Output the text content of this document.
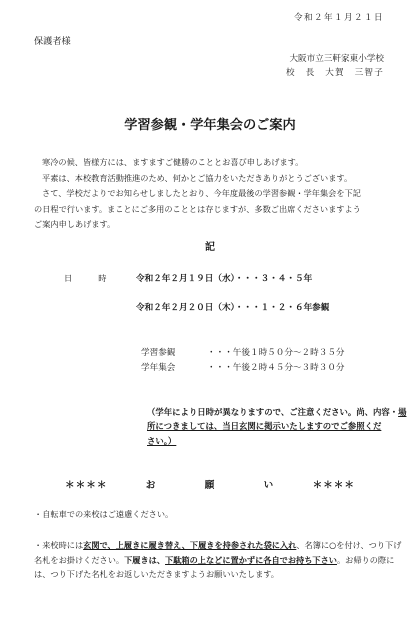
令和２年１月２１日
保護者様
大阪市立三軒家東小学校
校　長　大賀　三智子
学習参観・学年集会のご案内

寒冷の候、皆様方には、ますますご健勝のこととお喜び申しあげます。

平素は、本校教育活動推進のため、何かとご協力をいただきありがとうございます。

さて、学校だよりでお知らせしましたとおり、今年度最後の学習参観・学年集会を下記

の日程で行います。まことにご多用のこととは存じますが、多数ご出席くださいますよう

ご案内申しあげます。

記
日	時	令和２年２月１９日（水）・・・３・４・５年
令和２年２月２０日（木）・・・１・２・６年参観
学習参観	・・・午後１時５０分～２時３５分
学年集会	・・・午後２時４５分～３時３０分
（学年により日時が異なりますので、ご注意ください。尚、内容・場所につきましては、当日玄関に掲示いたしますのでご参照ください。）
＊＊＊＊	お	願	い	＊＊＊＊
・自転車での来校はご遠慮ください。
・来校時には玄関で、上履きに履き替え、下履きを持参された袋に入れ、名簿に○を付け、つり下げ名札をお掛けください。下履きは、下駄箱の上などに置かずに各自でお持ち下さい。お帰りの際には、つり下げた名札をお返しいただきますようお願いいたします。
